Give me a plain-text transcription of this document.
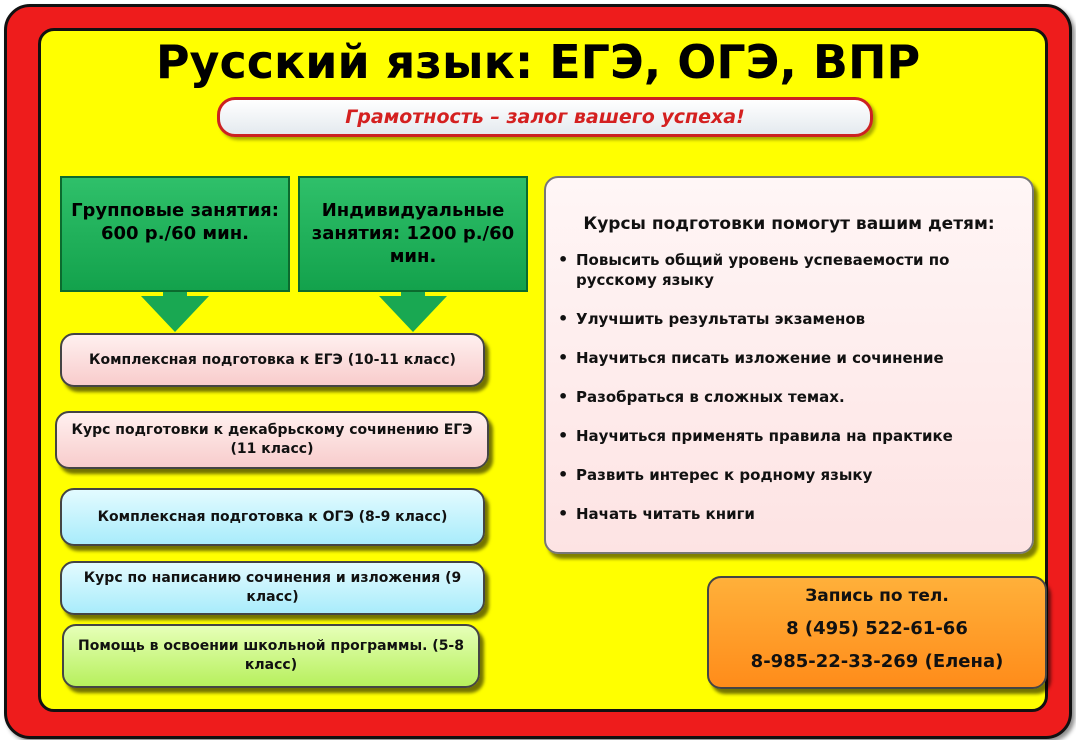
Русский язык: ЕГЭ, ОГЭ, ВПР
Грамотность – залог вашего успеха!
Групповые занятия: 600 р./60 мин.
Индивидуальные занятия: 1200 р./60 мин.
Комплексная подготовка к ЕГЭ (10-11 класс)
Курс подготовки к декабрьскому сочинению ЕГЭ (11 класс)
Комплексная подготовка к ОГЭ (8-9 класс)
Курс по написанию сочинения и изложения (9 класс)
Помощь в освоении школьной программы. (5-8 класс)
Курсы подготовки помогут вашим детям:
• Повысить общий уровень успеваемости по русскому языку
• Улучшить результаты экзаменов
• Научиться писать изложение и сочинение
• Разобраться в сложных темах.
• Научиться применять правила на практике
• Развить интерес к родному языку
• Начать читать книги
Запись по тел.
8 (495) 522-61-66
8-985-22-33-269 (Елена)
